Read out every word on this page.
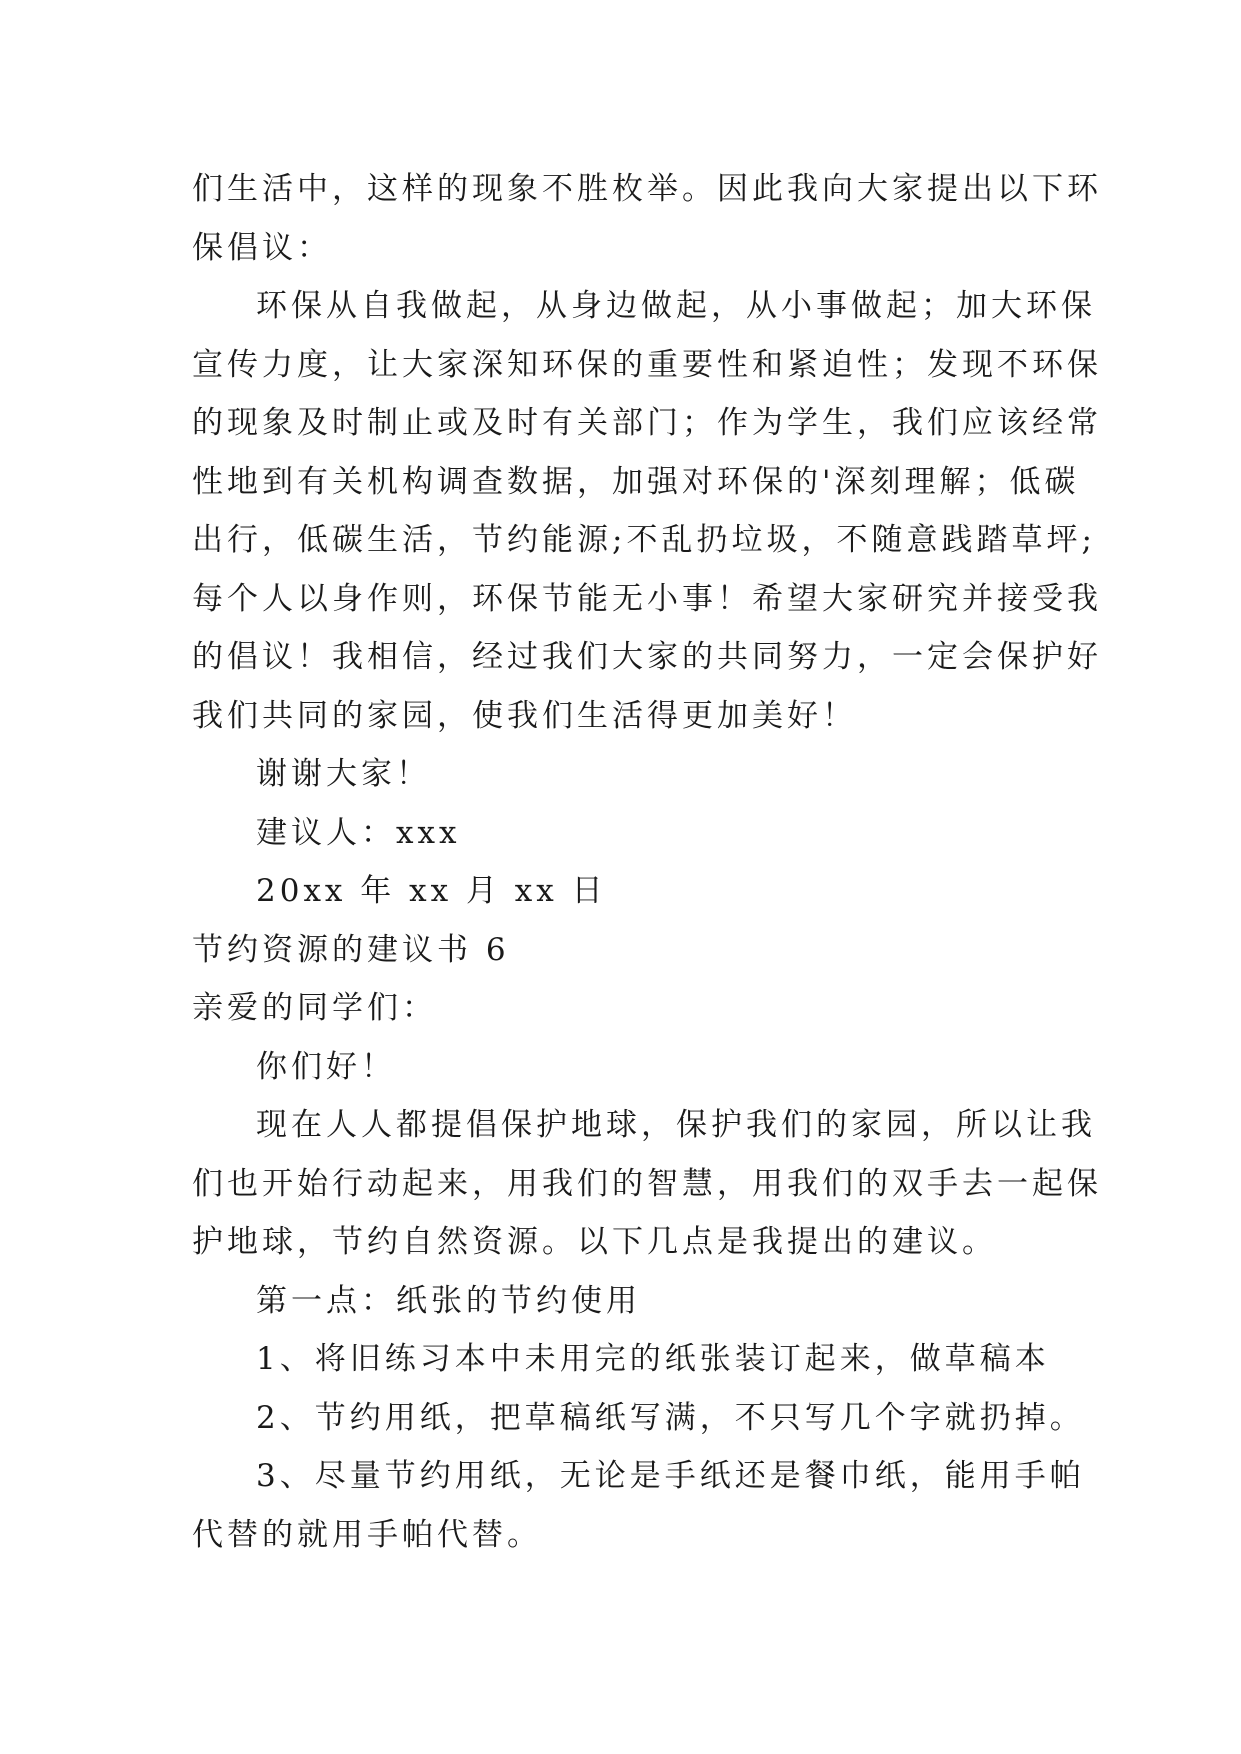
们生活中，这样的现象不胜枚举。因此我向大家提出以下环
保倡议：
环保从自我做起，从身边做起，从小事做起；加大环保
宣传力度，让大家深知环保的重要性和紧迫性；发现不环保
的现象及时制止或及时有关部门；作为学生，我们应该经常
性地到有关机构调查数据，加强对环保的'深刻理解；低碳
出行，低碳生活，节约能源;不乱扔垃圾，不随意践踏草坪;
每个人以身作则，环保节能无小事！希望大家研究并接受我
的倡议！我相信，经过我们大家的共同努力，一定会保护好
我们共同的家园，使我们生活得更加美好！
谢谢大家！
建议人：xxx
20xx 年 xx 月 xx 日
节约资源的建议书 6
亲爱的同学们：
你们好！
现在人人都提倡保护地球，保护我们的家园，所以让我
们也开始行动起来，用我们的智慧，用我们的双手去一起保
护地球，节约自然资源。以下几点是我提出的建议。
第一点：纸张的节约使用
1、将旧练习本中未用完的纸张装订起来，做草稿本
2、节约用纸，把草稿纸写满，不只写几个字就扔掉。
3、尽量节约用纸，无论是手纸还是餐巾纸，能用手帕
代替的就用手帕代替。
